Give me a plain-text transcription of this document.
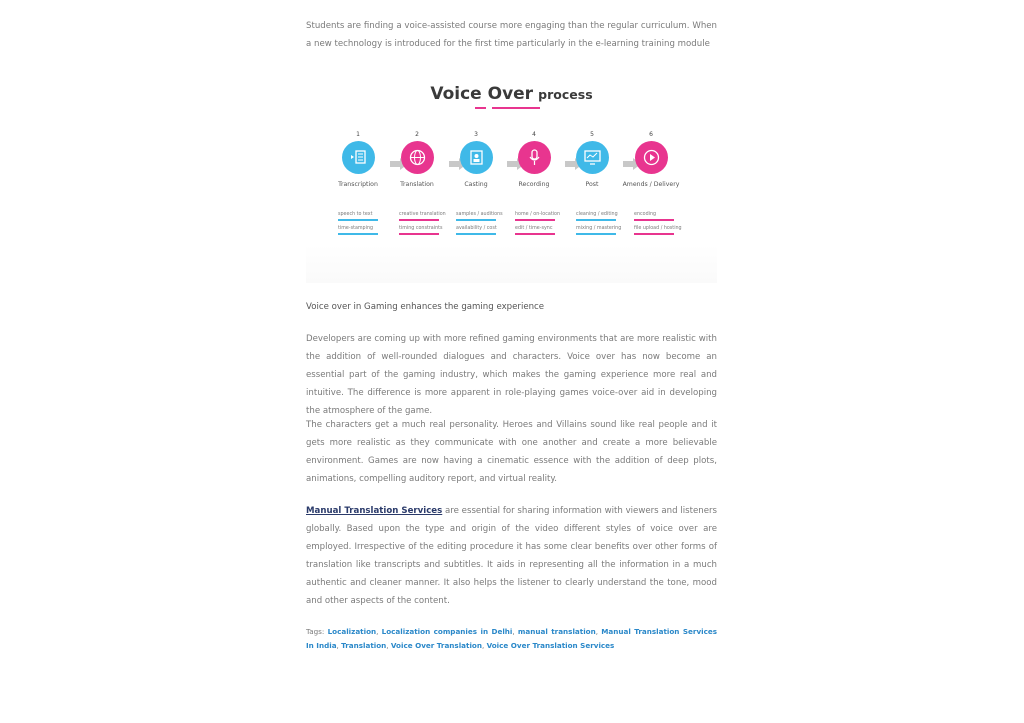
Students are finding a voice-assisted course more engaging than the regular curriculum. When a new technology is introduced for the first time particularly in the e-learning training module

Voice Over process
1
Transcription
2
Translation
3
Casting
4
Recording
5
Post
6
Amends / Delivery
speech to text
time-stamping
creative translation
timing constraints
samples / auditions
availability / cost
home / on-location
edit / time-sync
cleaning / editing
mixing / mastering
encoding
file upload / hosting

Voice over in Gaming enhances the gaming experience

Developers are coming up with more refined gaming environments that are more realistic with the addition of well-rounded dialogues and characters. Voice over has now become an essential part of the gaming industry, which makes the gaming experience more real and intuitive. The difference is more apparent in role-playing games voice-over aid in developing the atmosphere of the game.

The characters get a much real personality. Heroes and Villains sound like real people and it gets more realistic as they communicate with one another and create a more believable environment. Games are now having a cinematic essence with the addition of deep plots, animations, compelling auditory report, and virtual reality.

Manual Translation Services are essential for sharing information with viewers and listeners globally. Based upon the type and origin of the video different styles of voice over are employed. Irrespective of the editing procedure it has some clear benefits over other forms of translation like transcripts and subtitles. It aids in representing all the information in a much authentic and cleaner manner. It also helps the listener to clearly understand the tone, mood and other aspects of the content.

Tags: Localization, Localization companies in Delhi, manual translation, Manual Translation Services In India, Translation, Voice Over Translation, Voice Over Translation Services
